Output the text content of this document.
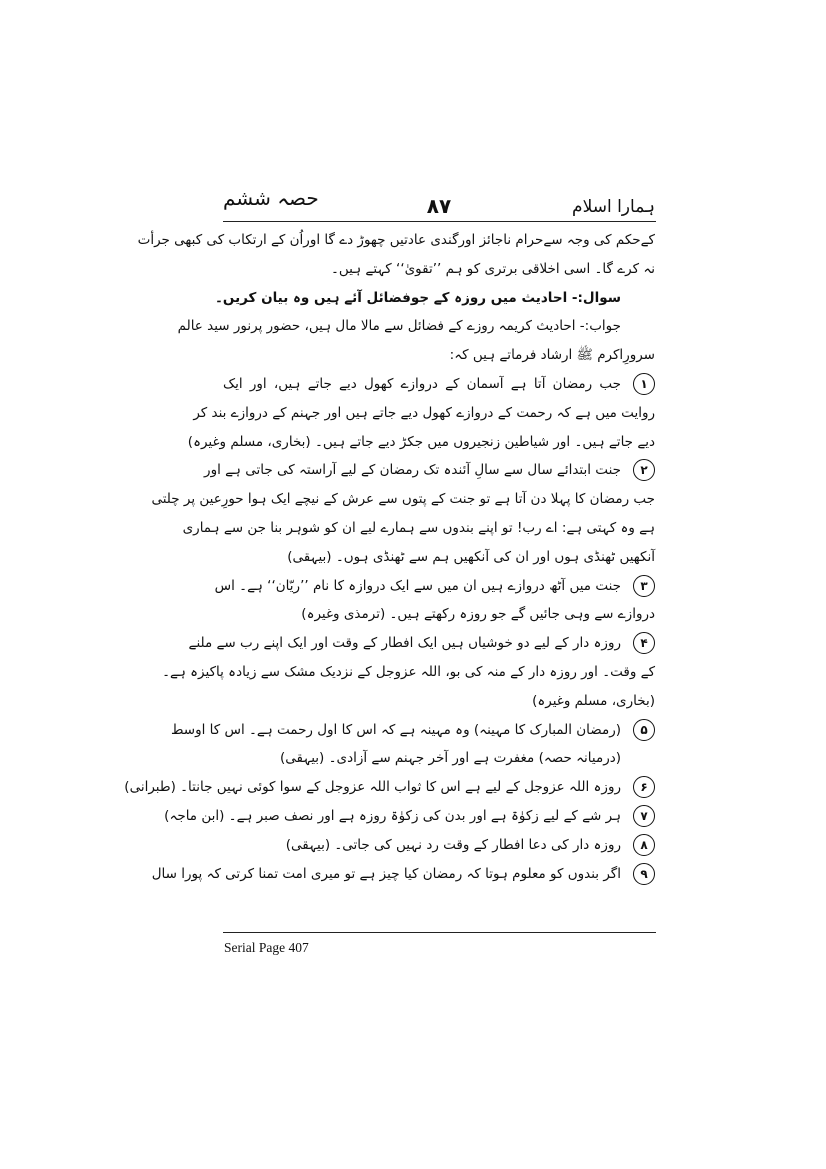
ہمارا اسلام
۸۷
حصہ ششم
کےحکم کی وجہ سےحرام ناجائز اورگندی عادتیں چھوڑ دے گا اوراُن کے ارتکاب کی کبھی جرأت
نہ کرے گا۔ اسی اخلاقی برتری کو ہم ’’تقویٰ‘‘ کہتے ہیں۔
سوال:- احادیث میں روزہ کے جوفضائل آئے ہیں وہ بیان کریں۔
جواب:- احادیث کریمہ روزے کے فضائل سے مالا مال ہیں، حضور پرنور سید عالم
سرورِاکرم ﷺ ارشاد فرماتے ہیں کہ:
۱
جب رمضان آتا ہے آسمان کے دروازے کھول دیے جاتے ہیں، اور ایک
روایت میں ہے کہ رحمت کے دروازے کھول دیے جاتے ہیں اور جہنم کے دروازے بند کر
دیے جاتے ہیں۔ اور شیاطین زنجیروں میں جکڑ دیے جاتے ہیں۔ (بخاری، مسلم وغیرہ)
۲
جنت ابتدائے سال سے سالِ آئندہ تک رمضان کے لیے آراستہ کی جاتی ہے اور
جب رمضان کا پہلا دن آتا ہے تو جنت کے پتوں سے عرش کے نیچے ایک ہوا حورِعین پر چلتی
ہے وہ کہتی ہے: اے رب! تو اپنے بندوں سے ہمارے لیے ان کو شوہر بنا جن سے ہماری
آنکھیں ٹھنڈی ہوں اور ان کی آنکھیں ہم سے ٹھنڈی ہوں۔ (بیہقی)
۳
جنت میں آٹھ دروازے ہیں ان میں سے ایک دروازہ کا نام ’’ریّان‘‘ ہے۔ اس
دروازے سے وہی جائیں گے جو روزہ رکھتے ہیں۔ (ترمذی وغیرہ)
۴
روزہ دار کے لیے دو خوشیاں ہیں ایک افطار کے وقت اور ایک اپنے رب سے ملنے
کے وقت۔ اور روزہ دار کے منہ کی بو، اللہ عزوجل کے نزدیک مشک سے زیادہ پاکیزہ ہے۔
(بخاری، مسلم وغیرہ)
۵
(رمضان المبارک کا مہینہ) وہ مہینہ ہے کہ اس کا اول رحمت ہے۔ اس کا اوسط
(درمیانہ حصہ) مغفرت ہے اور آخر جہنم سے آزادی۔ (بیہقی)
۶
روزہ اللہ عزوجل کے لیے ہے اس کا ثواب اللہ عزوجل کے سوا کوئی نہیں جانتا۔ (طبرانی)
۷
ہر شے کے لیے زکوٰۃ ہے اور بدن کی زکوٰۃ روزہ ہے اور نصف صبر ہے۔ (ابن ماجہ)
۸
روزہ دار کی دعا افطار کے وقت رد نہیں کی جاتی۔ (بیہقی)
۹
اگر بندوں کو معلوم ہوتا کہ رمضان کیا چیز ہے تو میری امت تمنا کرتی کہ پورا سال
Serial Page 407
